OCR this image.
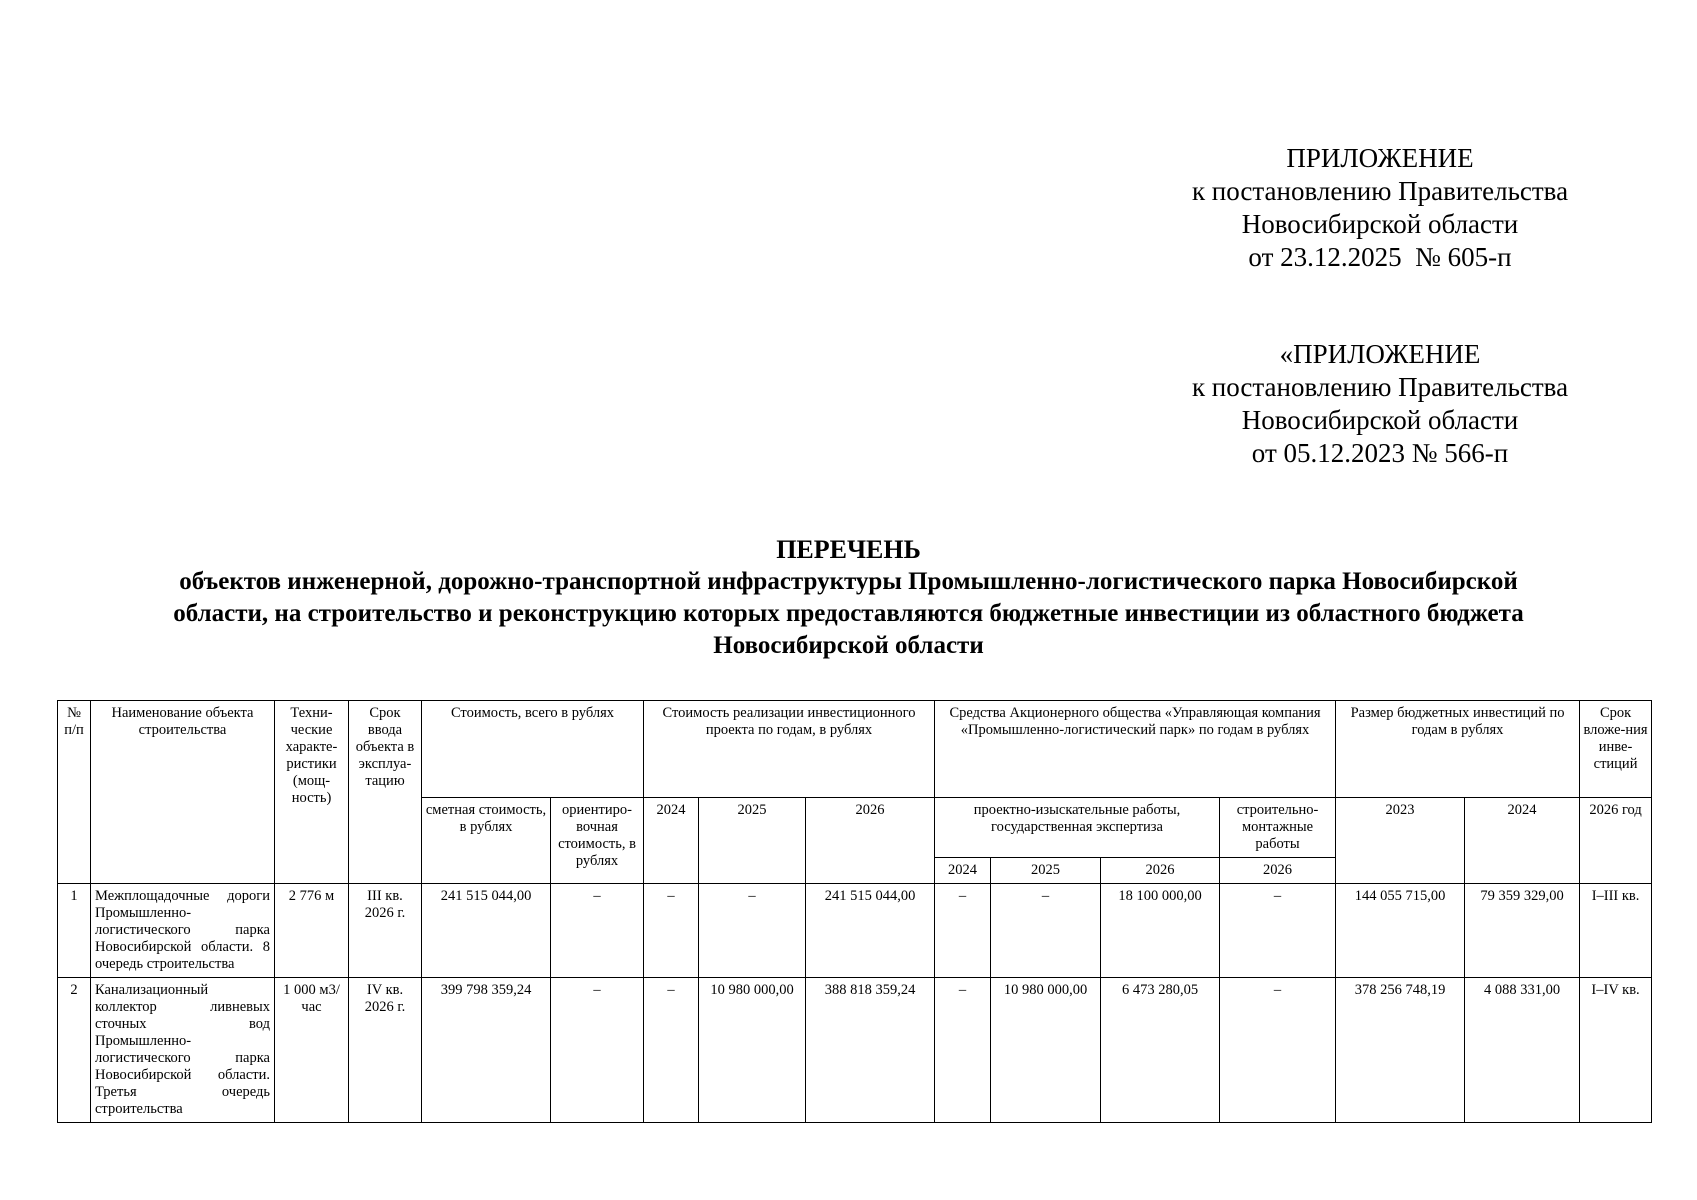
ПРИЛОЖЕНИЕ
к постановлению Правительства
Новосибирской области
от 23.12.2025  № 605-п
«ПРИЛОЖЕНИЕ
к постановлению Правительства
Новосибирской области
от 05.12.2023 № 566-п
ПЕРЕЧЕНЬ
объектов инженерной, дорожно-транспортной инфраструктуры Промышленно-логистического парка Новосибирской
области, на строительство и реконструкцию которых предоставляются бюджетные инвестиции из областного бюджета
Новосибирской области
№ п/п	Наименование объекта строительства	Техни-ческие характе-ристики (мощ-ность)	Срок ввода объекта в эксплуа-тацию	Стоимость, всего в рублях		Стоимость реализации инвестиционного проекта по годам, в рублях			Средства Акционерного общества «Управляющая компания «Промышленно-логистический парк» по годам в рублях				Размер бюджетных инвестиций по годам в рублях		Срок вложе-ния инве-стиций
				сметная стоимость, в рублях	ориентиро-вочная стоимость, в рублях	2024	2025	2026	проектно-изыскательные работы, государственная экспертиза			строительно-монтажные работы	2023	2024	2026 год
									2024	2025	2026	2026			
1	Межплощадочные дороги Промышленно-логистического парка Новосибирской области. 8 очередь строительства	2 776 м	III кв. 2026 г.	241 515 044,00	–	–	–	241 515 044,00	–	–	18 100 000,00	–	144 055 715,00	79 359 329,00	I–III кв.
2	Канализационный коллектор ливневых сточных вод Промышленно-логистического парка Новосибирской области. Третья очередь строительства	1 000 м3/час	IV кв. 2026 г.	399 798 359,24	–	–	10 980 000,00	388 818 359,24	–	10 980 000,00	6 473 280,05	–	378 256 748,19	4 088 331,00	I–IV кв.
